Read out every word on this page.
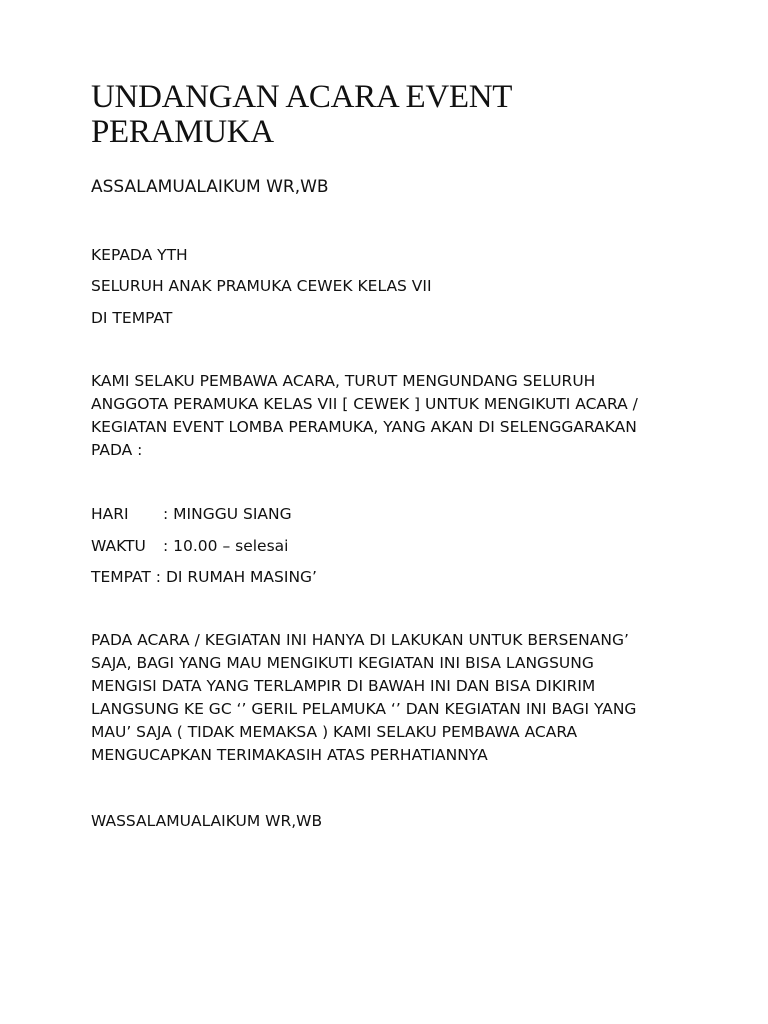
UNDANGAN ACARA EVENT
PERAMUKA

ASSALAMUALAIKUM WR,WB

KEPADA YTH

SELURUH ANAK PRAMUKA CEWEK KELAS VII

DI TEMPAT

KAMI SELAKU PEMBAWA ACARA, TURUT MENGUNDANG SELURUH
ANGGOTA PERAMUKA KELAS VII [ CEWEK ] UNTUK MENGIKUTI ACARA /
KEGIATAN EVENT LOMBA PERAMUKA, YANG AKAN DI SELENGGARAKAN
PADA :

HARI : MINGGU SIANG

WAKTU : 10.00 – selesai

TEMPAT : DI RUMAH MASING’

PADA ACARA / KEGIATAN INI HANYA DI LAKUKAN UNTUK BERSENANG’
SAJA, BAGI YANG MAU MENGIKUTI KEGIATAN INI BISA LANGSUNG
MENGISI DATA YANG TERLAMPIR DI BAWAH INI DAN BISA DIKIRIM
LANGSUNG KE GC ‘’ GERIL PELAMUKA ‘’ DAN KEGIATAN INI BAGI YANG
MAU’ SAJA ( TIDAK MEMAKSA ) KAMI SELAKU PEMBAWA ACARA
MENGUCAPKAN TERIMAKASIH ATAS PERHATIANNYA

WASSALAMUALAIKUM WR,WB
